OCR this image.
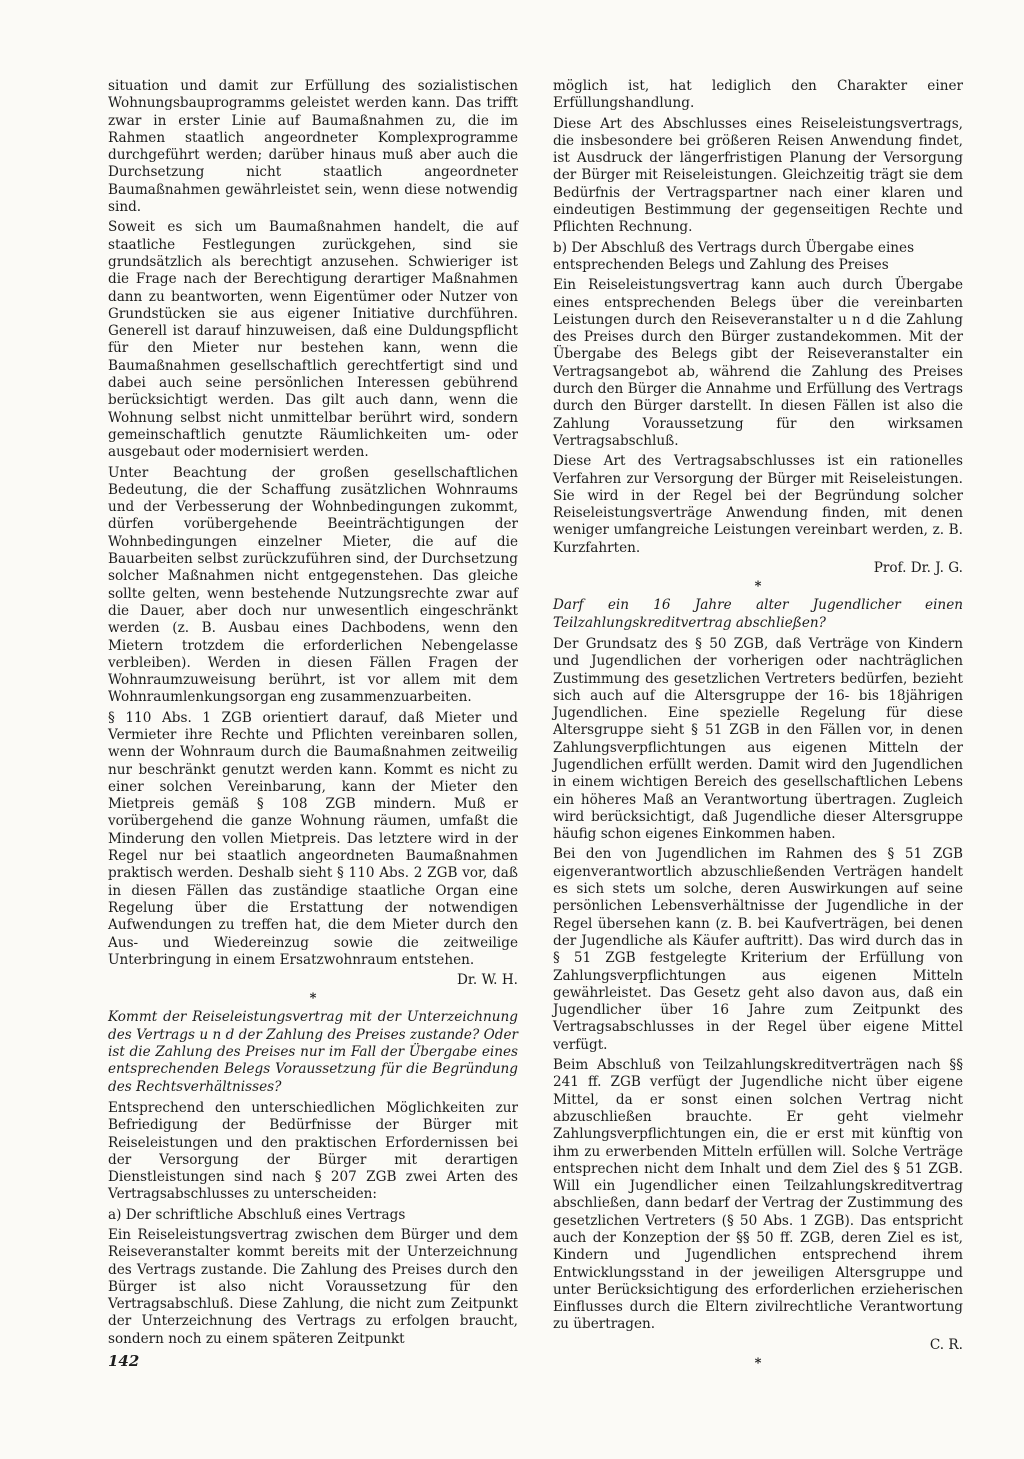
situation und damit zur Erfüllung des sozialistischen Wohnungsbauprogramms geleistet werden kann. Das trifft zwar in erster Linie auf Baumaßnahmen zu, die im Rahmen staatlich angeordneter Komplexprogramme durchgeführt werden; darüber hinaus muß aber auch die Durchsetzung nicht staatlich angeordneter Baumaßnahmen gewährleistet sein, wenn diese notwendig sind.

Soweit es sich um Baumaßnahmen handelt, die auf staatliche Festlegungen zurückgehen, sind sie grundsätzlich als berechtigt anzusehen. Schwieriger ist die Frage nach der Berechtigung derartiger Maßnahmen dann zu beantworten, wenn Eigentümer oder Nutzer von Grundstücken sie aus eigener Initiative durchführen. Generell ist darauf hinzuweisen, daß eine Duldungspflicht für den Mieter nur bestehen kann, wenn die Baumaßnahmen gesellschaftlich gerechtfertigt sind und dabei auch seine persönlichen Interessen gebührend berücksichtigt werden. Das gilt auch dann, wenn die Wohnung selbst nicht unmittelbar berührt wird, sondern gemeinschaftlich genutzte Räumlichkeiten um- oder ausgebaut oder modernisiert werden.

Unter Beachtung der großen gesellschaftlichen Bedeutung, die der Schaffung zusätzlichen Wohnraums und der Verbesserung der Wohnbedingungen zukommt, dürfen vorübergehende Beeinträchtigungen der Wohnbedingungen einzelner Mieter, die auf die Bauarbeiten selbst zurückzuführen sind, der Durchsetzung solcher Maßnahmen nicht entgegenstehen. Das gleiche sollte gelten, wenn bestehende Nutzungsrechte zwar auf die Dauer, aber doch nur unwesentlich eingeschränkt werden (z. B. Ausbau eines Dachbodens, wenn den Mietern trotzdem die erforderlichen Nebengelasse verbleiben). Werden in diesen Fällen Fragen der Wohnraumzuweisung berührt, ist vor allem mit dem Wohnraumlenkungsorgan eng zusammenzuarbeiten.

§ 110 Abs. 1 ZGB orientiert darauf, daß Mieter und Vermieter ihre Rechte und Pflichten vereinbaren sollen, wenn der Wohnraum durch die Baumaßnahmen zeitweilig nur beschränkt genutzt werden kann. Kommt es nicht zu einer solchen Vereinbarung, kann der Mieter den Mietpreis gemäß § 108 ZGB mindern. Muß er vorübergehend die ganze Wohnung räumen, umfaßt die Minderung den vollen Mietpreis. Das letztere wird in der Regel nur bei staatlich angeordneten Baumaßnahmen praktisch werden. Deshalb sieht § 110 Abs. 2 ZGB vor, daß in diesen Fällen das zuständige staatliche Organ eine Regelung über die Erstattung der notwendigen Aufwendungen zu treffen hat, die dem Mieter durch den Aus- und Wiedereinzug sowie die zeitweilige Unterbringung in einem Ersatzwohnraum entstehen.

Dr. W. H.

*

Kommt der Reiseleistungsvertrag mit der Unterzeichnung des Vertrags u n d der Zahlung des Preises zustande? Oder ist die Zahlung des Preises nur im Fall der Übergabe eines entsprechenden Belegs Voraussetzung für die Begründung des Rechtsverhältnisses?

Entsprechend den unterschiedlichen Möglichkeiten zur Befriedigung der Bedürfnisse der Bürger mit Reiseleistungen und den praktischen Erfordernissen bei der Versorgung der Bürger mit derartigen Dienstleistungen sind nach § 207 ZGB zwei Arten des Vertragsabschlusses zu unterscheiden:

a) Der schriftliche Abschluß eines Vertrags

Ein Reiseleistungsvertrag zwischen dem Bürger und dem Reiseveranstalter kommt bereits mit der Unterzeichnung des Vertrags zustande. Die Zahlung des Preises durch den Bürger ist also nicht Voraussetzung für den Vertragsabschluß. Diese Zahlung, die nicht zum Zeitpunkt der Unterzeichnung des Vertrags zu erfolgen braucht, sondern noch zu einem späteren Zeitpunkt

möglich ist, hat lediglich den Charakter einer Erfüllungshandlung.

Diese Art des Abschlusses eines Reiseleistungsvertrags, die insbesondere bei größeren Reisen Anwendung findet, ist Ausdruck der längerfristigen Planung der Versorgung der Bürger mit Reiseleistungen. Gleichzeitig trägt sie dem Bedürfnis der Vertragspartner nach einer klaren und eindeutigen Bestimmung der gegenseitigen Rechte und Pflichten Rechnung.

b) Der Abschluß des Vertrags durch Übergabe eines entsprechenden Belegs und Zahlung des Preises

Ein Reiseleistungsvertrag kann auch durch Übergabe eines entsprechenden Belegs über die vereinbarten Leistungen durch den Reiseveranstalter u n d die Zahlung des Preises durch den Bürger zustandekommen. Mit der Übergabe des Belegs gibt der Reiseveranstalter ein Vertragsangebot ab, während die Zahlung des Preises durch den Bürger die Annahme und Erfüllung des Vertrags durch den Bürger darstellt. In diesen Fällen ist also die Zahlung Voraussetzung für den wirksamen Vertragsabschluß.

Diese Art des Vertragsabschlusses ist ein rationelles Verfahren zur Versorgung der Bürger mit Reiseleistungen. Sie wird in der Regel bei der Begründung solcher Reiseleistungsverträge Anwendung finden, mit denen weniger umfangreiche Leistungen vereinbart werden, z. B. Kurzfahrten.

Prof. Dr. J. G.

*

Darf ein 16 Jahre alter Jugendlicher einen Teilzahlungskreditvertrag abschließen?

Der Grundsatz des § 50 ZGB, daß Verträge von Kindern und Jugendlichen der vorherigen oder nachträglichen Zustimmung des gesetzlichen Vertreters bedürfen, bezieht sich auch auf die Altersgruppe der 16- bis 18jährigen Jugendlichen. Eine spezielle Regelung für diese Altersgruppe sieht § 51 ZGB in den Fällen vor, in denen Zahlungsverpflichtungen aus eigenen Mitteln der Jugendlichen erfüllt werden. Damit wird den Jugendlichen in einem wichtigen Bereich des gesellschaftlichen Lebens ein höheres Maß an Verantwortung übertragen. Zugleich wird berücksichtigt, daß Jugendliche dieser Altersgruppe häufig schon eigenes Einkommen haben.

Bei den von Jugendlichen im Rahmen des § 51 ZGB eigenverantwortlich abzuschließenden Verträgen handelt es sich stets um solche, deren Auswirkungen auf seine persönlichen Lebensverhältnisse der Jugendliche in der Regel übersehen kann (z. B. bei Kaufverträgen, bei denen der Jugendliche als Käufer auftritt). Das wird durch das in § 51 ZGB festgelegte Kriterium der Erfüllung von Zahlungsverpflichtungen aus eigenen Mitteln gewährleistet. Das Gesetz geht also davon aus, daß ein Jugendlicher über 16 Jahre zum Zeitpunkt des Vertragsabschlusses in der Regel über eigene Mittel verfügt.

Beim Abschluß von Teilzahlungskreditverträgen nach §§ 241 ff. ZGB verfügt der Jugendliche nicht über eigene Mittel, da er sonst einen solchen Vertrag nicht abzuschließen brauchte. Er geht vielmehr Zahlungsverpflichtungen ein, die er erst mit künftig von ihm zu erwerbenden Mitteln erfüllen will. Solche Verträge entsprechen nicht dem Inhalt und dem Ziel des § 51 ZGB. Will ein Jugendlicher einen Teilzahlungskreditvertrag abschließen, dann bedarf der Vertrag der Zustimmung des gesetzlichen Vertreters (§ 50 Abs. 1 ZGB). Das entspricht auch der Konzeption der §§ 50 ff. ZGB, deren Ziel es ist, Kindern und Jugendlichen entsprechend ihrem Entwicklungsstand in der jeweiligen Altersgruppe und unter Berücksichtigung des erforderlichen erzieherischen Einflusses durch die Eltern zivilrechtliche Verantwortung zu übertragen.

C. R.

*

142
